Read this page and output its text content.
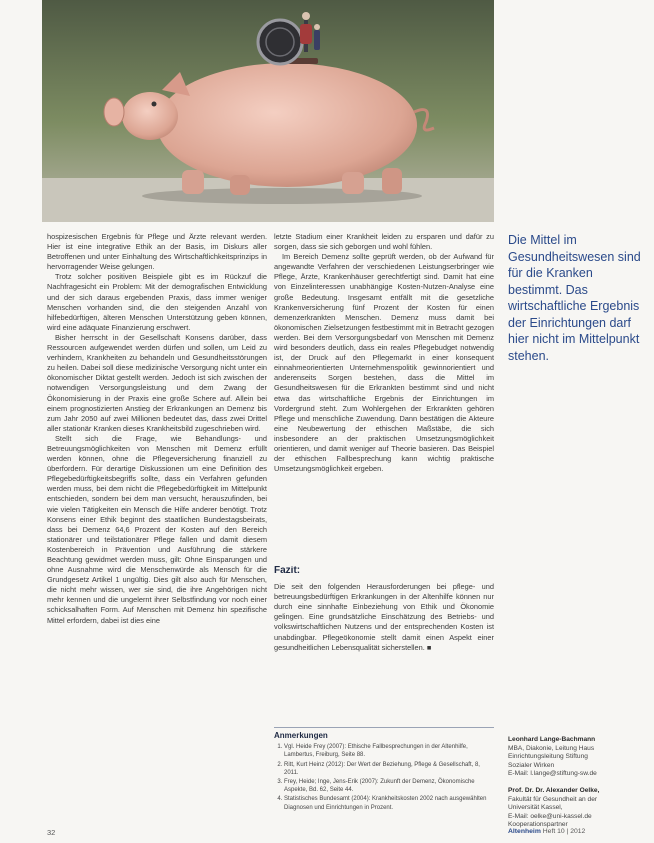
hospizesischen Ergebnis für Pflege und Ärzte relevant werden. Hier ist eine integrative Ethik an der Basis, im Diskurs aller Betroffenen und unter Einhaltung des Wirtschaftlichkeitsprinzips in hervorragender Weise gelungen.

Trotz solcher positiven Beispiele gibt es im Rückzuf die Nachfragesicht ein Problem: Mit der demografischen Entwicklung und der sich daraus ergebenden Praxis, dass immer weniger Menschen vorhanden sind, die den steigenden Anzahl von hilfebedürftigen, älteren Menschen Unterstützung geben können, wird eine adäquate Finanzierung erschwert.

Bisher herrscht in der Gesellschaft Konsens darüber, dass Ressourcen aufgewendet werden dürfen und sollen, um Leid zu verhindern, Krankheiten zu behandeln und Gesundheitsstörungen zu heilen. Dabei soll diese medizinische Versorgung nicht unter ein ökonomischer Diktat gestellt werden. Jedoch ist sich zwischen der notwendigen Versorgungsleistung und dem Zwang der Ökonomisierung in der Praxis eine große Schere auf. Allein bei einem prognostizierten Anstieg der Erkrankungen an Demenz bis zum Jahr 2050 auf zwei Millionen bedeutet das, dass zwei Drittel aller stationär Kranken dieses Krankheitsbild zugeschrieben wird.

Stellt sich die Frage, wie Behandlungs- und Betreuungsmöglichkeiten von Menschen mit Demenz erfüllt werden können, ohne die Pflegeversicherung finanziell zu überfordern. Für derartige Diskussionen um eine Definition des Pflegebedürftigkeitsbegriffs sollte, dass ein Verfahren gefunden werden muss, bei dem nicht die Pflegebedürftigkeit im Mittelpunkt entschieden, sondern bei dem man versucht, herauszufinden, bei wie vielen Tätigkeiten ein Mensch die Hilfe anderer benötigt. Trotz Konsens einer Ethik beginnt des staatlichen Bundestagsbeirats, dass bei Demenz 64,6 Prozent der Kosten auf den Bereich stationärer und teilstationärer Pflege fallen und damit diesem Kostenbereich in Prävention und Ausführung die stärkere Beachtung gewidmet werden muss, gilt: Ohne Einsparungen und ohne Ausnahme wird die Menschenwürde als Mensch für die Grundgesetz Artikel 1 ungültig. Dies gilt also auch für Menschen, die nicht mehr wissen, wer sie sind, die ihre Angehörigen nicht mehr kennen und die ungelernt ihrer Selbstfindung vor noch einer schicksalhaften Form. Auf Menschen mit Demenz hin spezifische Mittel erfordern, dabei ist dies eine

letzte Stadium einer Krankheit leiden zu ersparen und dafür zu sorgen, dass sie sich geborgen und wohl fühlen.

Im Bereich Demenz sollte geprüft werden, ob der Aufwand für angewandte Verfahren der verschiedenen Leistungserbringer wie Pflege, Ärzte, Krankenhäuser gerechtfertigt sind. Damit hat eine von Einzelinteressen unabhängige Kosten-Nutzen-Analyse eine große Bedeutung. Insgesamt entfällt mit die gesetzliche Krankenversicherung fünf Prozent der Kosten für einen demenzerkrankten Menschen. Demenz muss damit bei ökonomischen Zielsetzungen festbestimmt mit in Betracht gezogen werden. Bei dem Versorgungsbedarf von Menschen mit Demenz wird besonders deutlich, dass ein reales Pflegebudget notwendig ist, der Druck auf den Pflegemarkt in einer konsequent einnahmeorientierten Unternehmenspolitik gewinnorientiert und anderenseits Sorgen bestehen, dass die Mittel im Gesundheitswesen für die Erkrankten bestimmt sind und nicht etwa das wirtschaftliche Ergebnis der Einrichtungen im Vordergrund steht. Zum Wohlergehen der Erkrankten gehören Pflege und menschliche Zuwendung. Dann bestätigen die Akteure eine Neubewertung der ethischen Maßstäbe, die sich insbesondere an der praktischen Umsetzungsmöglichkeit orientieren, und damit weniger auf Theorie basieren. Das Beispiel der ethischen Fallbesprechung kann wichtig praktische Umsetzungsmöglichkeit ergeben.

Fazit:
Die seit den folgenden Herausforderungen bei pflege- und betreuungsbedürftigen Erkrankungen in der Altenhilfe können nur durch eine sinnhafte Einbeziehung von Ethik und Ökonomie gelingen. Eine grundsätzliche Einschätzung des Betriebs- und volkswirtschaftlichen Nutzens und der entsprechenden Kosten ist unabdingbar. Pflegeökonomie stellt damit einen Aspekt einer gesundheitlichen Lebensqualität sicherstellen. ■
Anmerkungen
1. Vgl. Heide Frey (2007): Ethische Fallbesprechungen in der Altenhilfe, Lambertus, Freiburg, Seite 88.
2. Ritt, Kurt Heinz (2012): Der Wert der Beziehung, Pflege & Gesellschaft, 8, 2011.
3. Frey, Heide; Inge, Jens-Erik (2007): Zukunft der Demenz, Ökonomische Aspekte, Bd. 62, Seite 44.
4. Statistisches Bundesamt (2004): Krankheitskosten 2002 nach ausgewählten Diagnosen und Einrichtungen in Prozent.
Die Mittel im Gesundheitswesen sind für die Kranken bestimmt. Das wirtschaftliche Ergebnis der Einrichtungen darf hier nicht im Mittelpunkt stehen.
Leonhard Lange-Bachmann
MBA, Diakonie, Leitung Haus
Einrichtungsleitung Stiftung
Sozialer Wirken
E-Mail: l.lange@stiftung-sw.de
Prof. Dr. Dr. Alexander Oelke,
Fakultät für Gesundheit an der
Universität Kassel,
E-Mail: oelke@uni-kassel.de
Kooperationspartner
32	Altenheim Heft 10 | 2012
